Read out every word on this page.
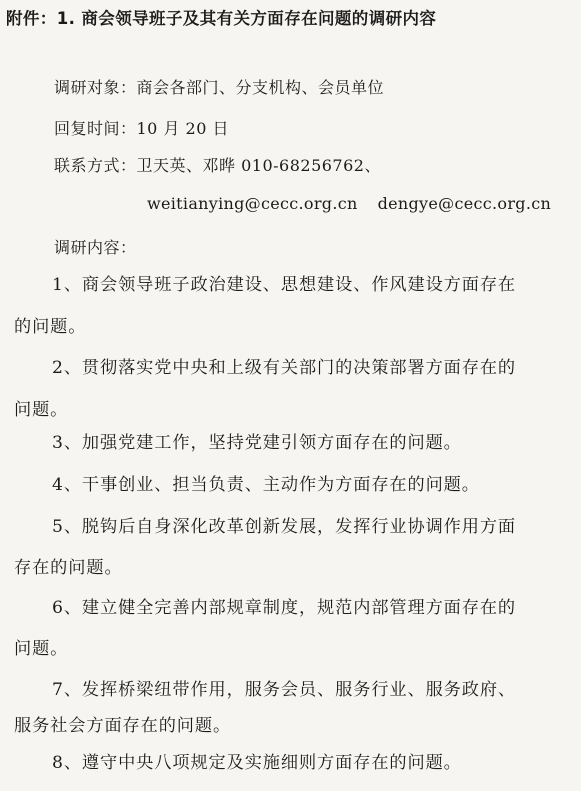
附件：1. 商会领导班子及其有关方面存在问题的调研内容
调研对象：商会各部门、分支机构、会员单位
回复时间：10 月 20 日
联系方式：卫天英、邓晔 010-68256762、
weitianying@cecc.org.cn dengye@cecc.org.cn
调研内容：
1、商会领导班子政治建设、思想建设、作风建设方面存在
的问题。
2、贯彻落实党中央和上级有关部门的决策部署方面存在的
问题。
3、加强党建工作，坚持党建引领方面存在的问题。
4、干事创业、担当负责、主动作为方面存在的问题。
5、脱钩后自身深化改革创新发展，发挥行业协调作用方面
存在的问题。
6、建立健全完善内部规章制度，规范内部管理方面存在的
问题。
7、发挥桥梁纽带作用，服务会员、服务行业、服务政府、
服务社会方面存在的问题。
8、遵守中央八项规定及实施细则方面存在的问题。
